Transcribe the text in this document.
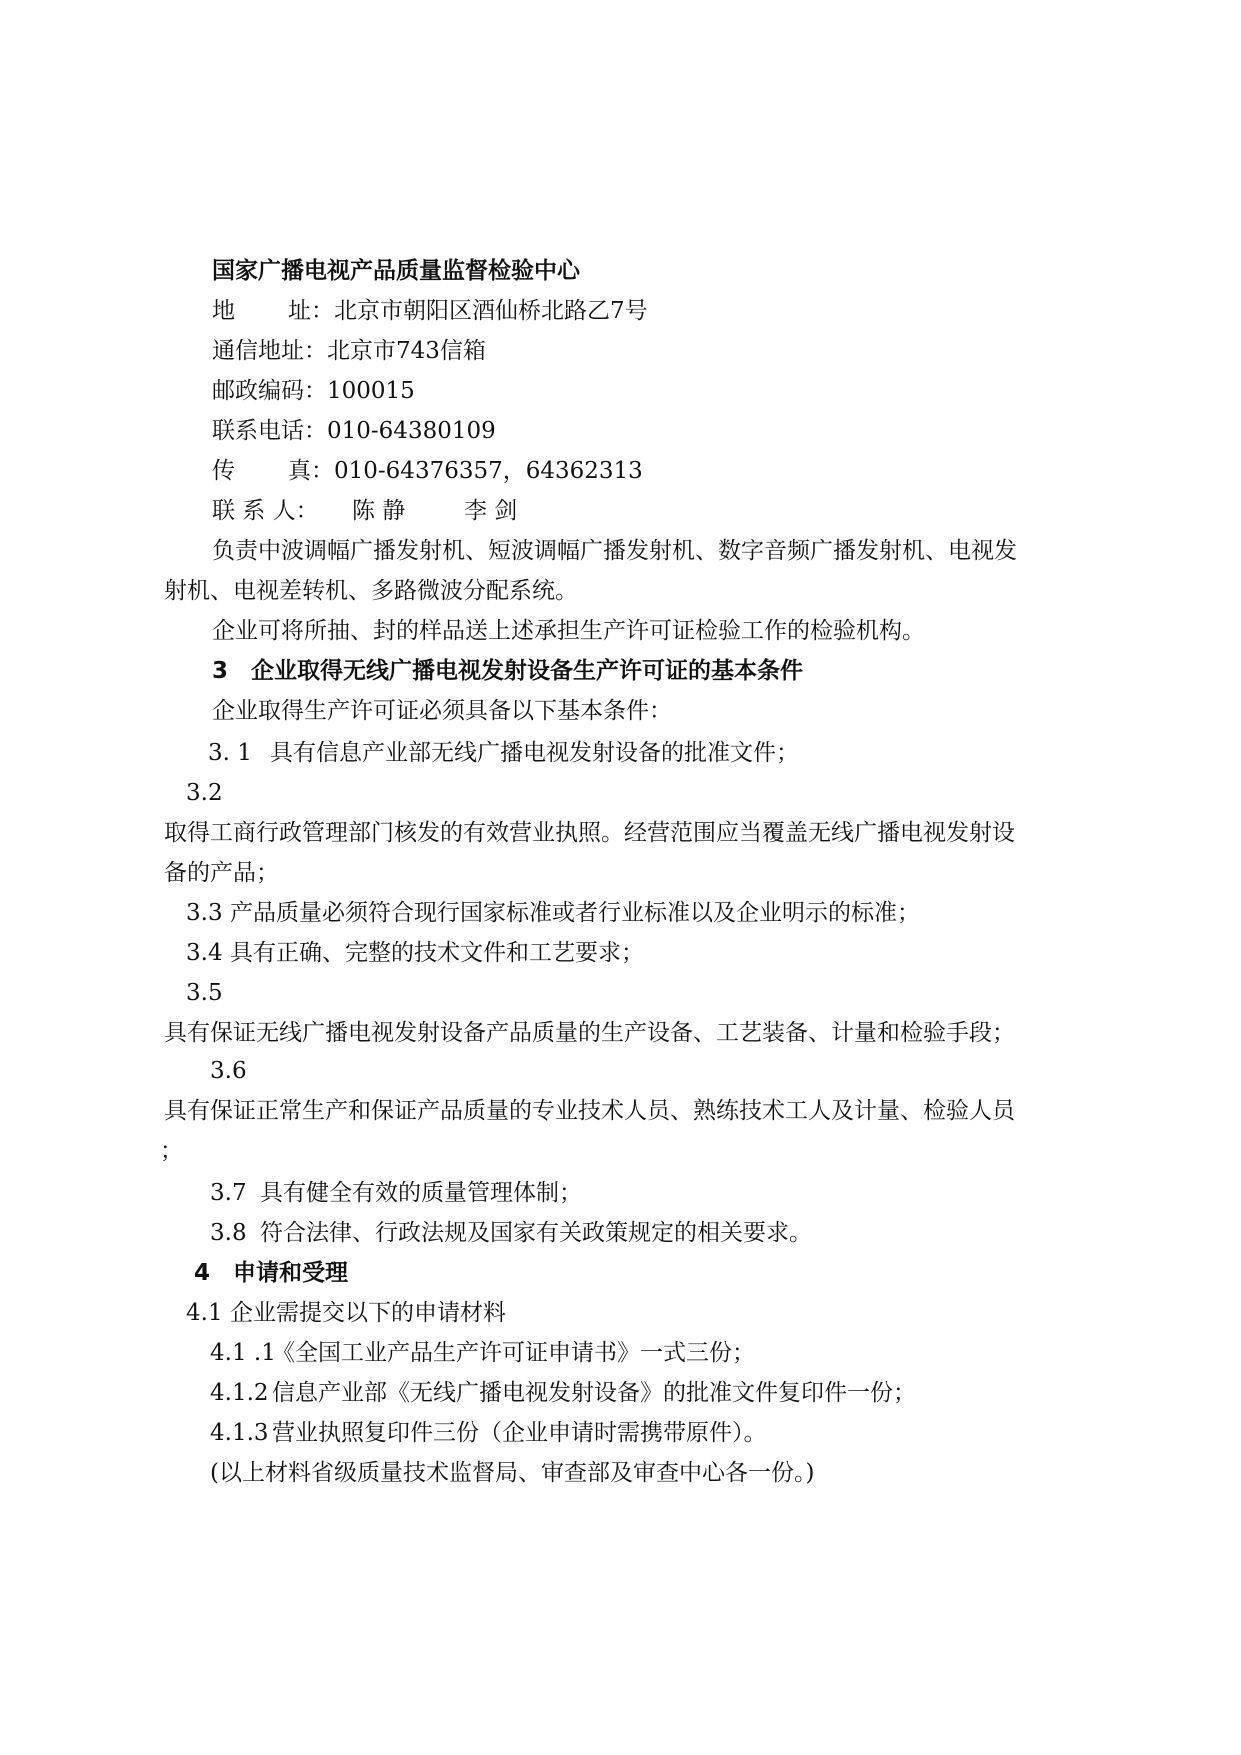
国家广播电视产品质量监督检验中心
地 址：北京市朝阳区酒仙桥北路乙7号
通信地址：北京市743信箱
邮政编码：100015
联系电话：010-64380109
传 真：010-64376357，64362313
联 系 人： 陈 静	李 剑
负责中波调幅广播发射机、短波调幅广播发射机、数字音频广播发射机、电视发
射机、电视差转机、多路微波分配系统。
企业可将所抽、封的样品送上述承担生产许可证检验工作的检验机构。
3　企业取得无线广播电视发射设备生产许可证的基本条件
企业取得生产许可证必须具备以下基本条件：
3. 1 具有信息产业部无线广播电视发射设备的批准文件；
3.2
取得工商行政管理部门核发的有效营业执照。经营范围应当覆盖无线广播电视发射设
备的产品；
3.3 产品质量必须符合现行国家标准或者行业标准以及企业明示的标准；
3.4 具有正确、完整的技术文件和工艺要求；
3.5
具有保证无线广播电视发射设备产品质量的生产设备、工艺装备、计量和检验手段；
3.6
具有保证正常生产和保证产品质量的专业技术人员、熟练技术工人及计量、检验人员
；
3.7 具有健全有效的质量管理体制；
3.8 符合法律、行政法规及国家有关政策规定的相关要求。
4　申请和受理
4.1 企业需提交以下的申请材料
4.1 .1《全国工业产品生产许可证申请书》一式三份；
4.1.2 信息产业部《无线广播电视发射设备》的批准文件复印件一份；
4.1.3 营业执照复印件三份（企业申请时需携带原件）。
(以上材料省级质量技术监督局、审查部及审查中心各一份。)
